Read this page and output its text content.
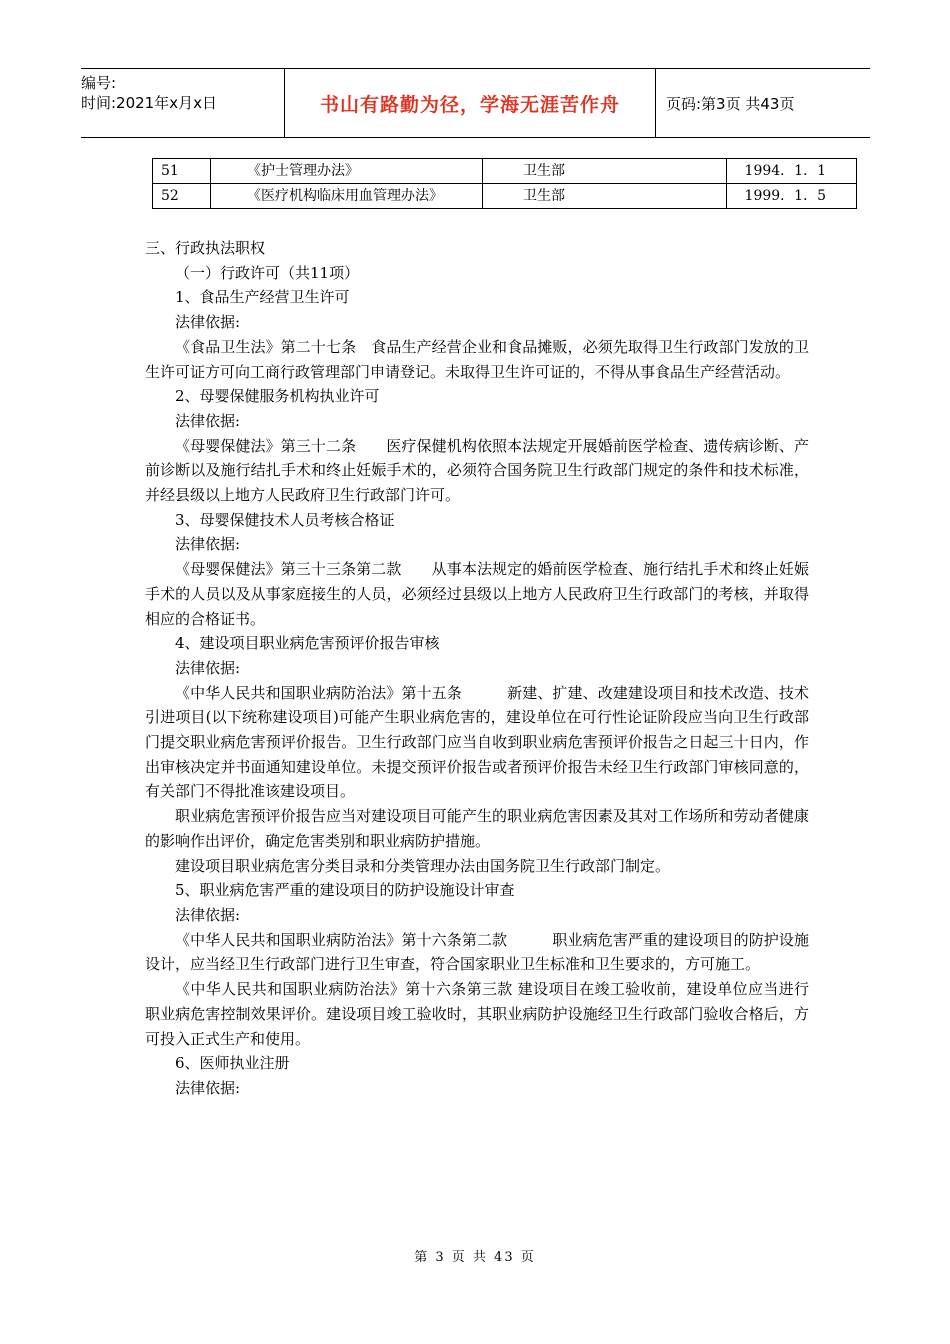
编号:
时间:2021年x月x日	书山有路勤为径，学海无涯苦作舟	页码:第3页 共43页
51	《护士管理办法》	卫生部	1994．1．1
52	《医疗机构临床用血管理办法》	卫生部	1999．1．5

三、行政执法职权

（一）行政许可（共11项）

1、食品生产经营卫生许可

法律依据:

《食品卫生法》第二十七条　食品生产经营企业和食品摊贩，必须先取得卫生行政部门发放的卫生许可证方可向工商行政管理部门申请登记。未取得卫生许可证的，不得从事食品生产经营活动。

2、母婴保健服务机构执业许可

法律依据:

《母婴保健法》第三十二条　　医疗保健机构依照本法规定开展婚前医学检查、遗传病诊断、产前诊断以及施行结扎手术和终止妊娠手术的，必须符合国务院卫生行政部门规定的条件和技术标准，并经县级以上地方人民政府卫生行政部门许可。

3、母婴保健技术人员考核合格证

法律依据:

《母婴保健法》第三十三条第二款　　从事本法规定的婚前医学检查、施行结扎手术和终止妊娠手术的人员以及从事家庭接生的人员，必须经过县级以上地方人民政府卫生行政部门的考核，并取得相应的合格证书。

4、建设项目职业病危害预评价报告审核

法律依据:

《中华人民共和国职业病防治法》第十五条　　　新建、扩建、改建建设项目和技术改造、技术引进项目(以下统称建设项目)可能产生职业病危害的，建设单位在可行性论证阶段应当向卫生行政部门提交职业病危害预评价报告。卫生行政部门应当自收到职业病危害预评价报告之日起三十日内，作出审核决定并书面通知建设单位。未提交预评价报告或者预评价报告未经卫生行政部门审核同意的，有关部门不得批准该建设项目。

职业病危害预评价报告应当对建设项目可能产生的职业病危害因素及其对工作场所和劳动者健康的影响作出评价，确定危害类别和职业病防护措施。

建设项目职业病危害分类目录和分类管理办法由国务院卫生行政部门制定。

5、职业病危害严重的建设项目的防护设施设计审查

法律依据:

《中华人民共和国职业病防治法》第十六条第二款　　　职业病危害严重的建设项目的防护设施设计，应当经卫生行政部门进行卫生审查，符合国家职业卫生标准和卫生要求的，方可施工。

《中华人民共和国职业病防治法》第十六条第三款 建设项目在竣工验收前，建设单位应当进行职业病危害控制效果评价。建设项目竣工验收时，其职业病防护设施经卫生行政部门验收合格后，方可投入正式生产和使用。

6、医师执业注册

法律依据:

第 3 页 共 43 页
